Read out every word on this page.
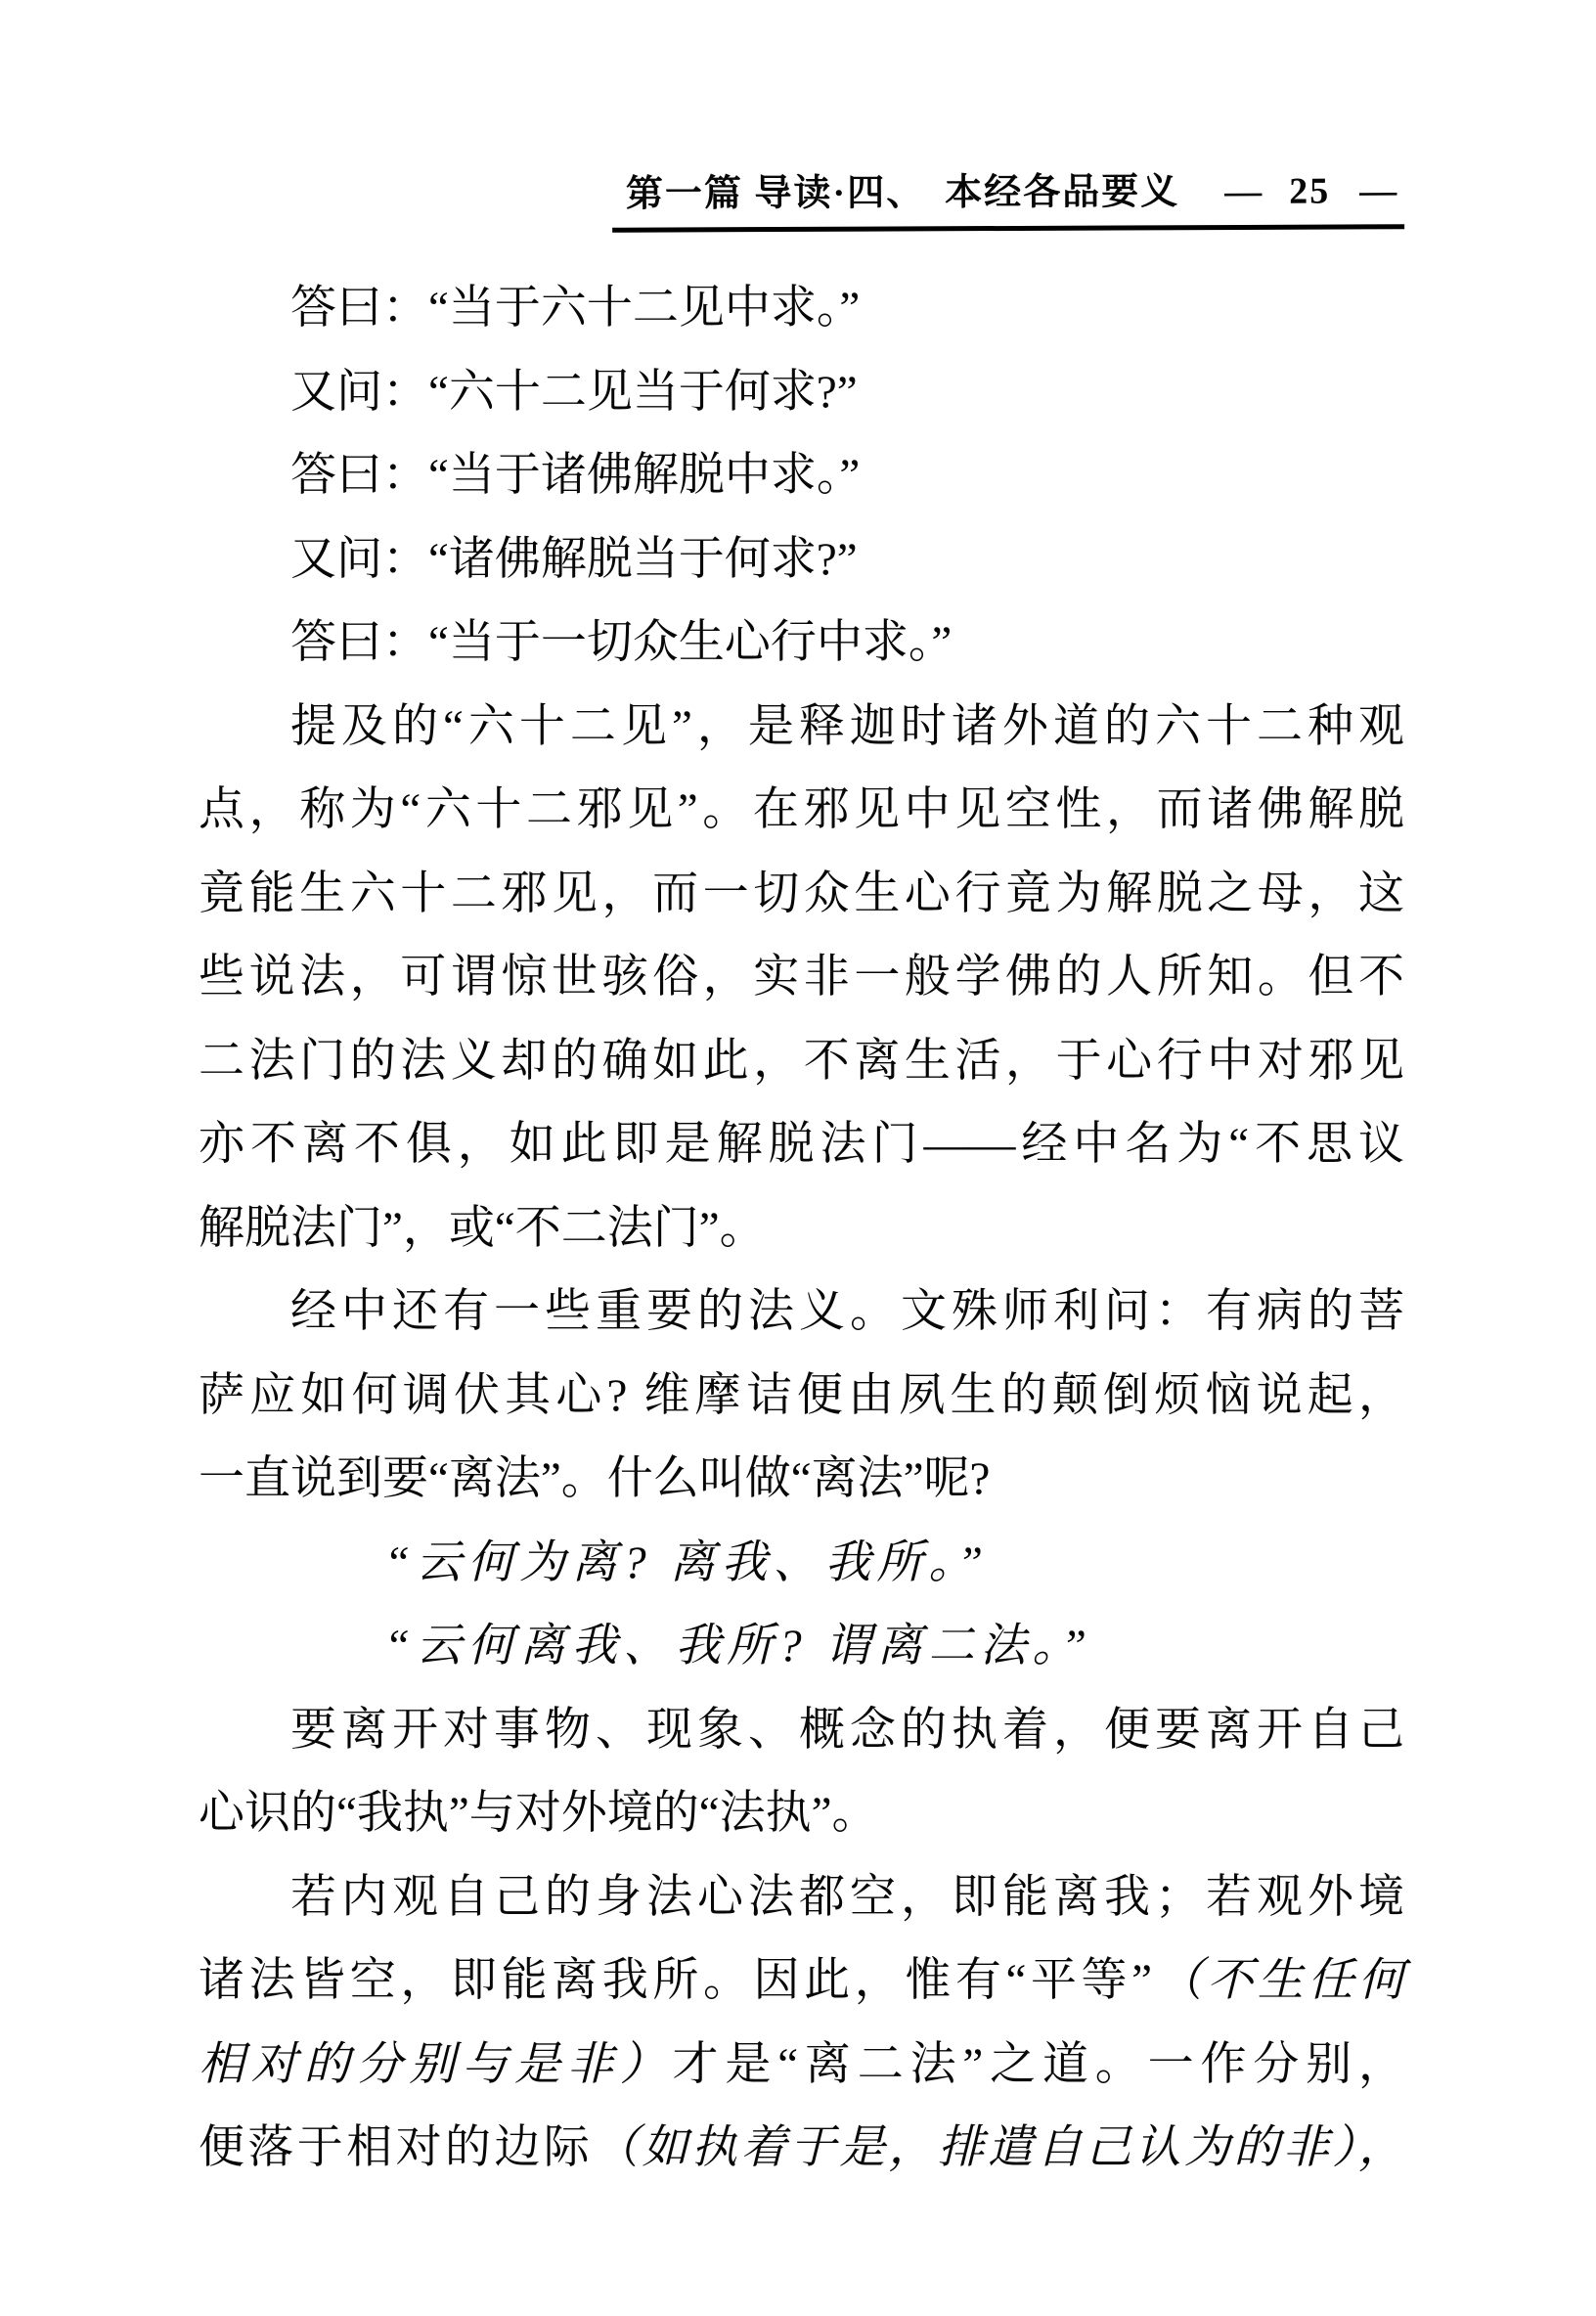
第一篇 导读·四、 本经各品要义 — 25 —
答曰：“当于六十二见中求。”
又问：“六十二见当于何求?”
答曰：“当于诸佛解脱中求。”
又问：“诸佛解脱当于何求?”
答曰：“当于一切众生心行中求。”
提及的“六十二见”，是释迦时诸外道的六十二种观
点，称为“六十二邪见”。在邪见中见空性，而诸佛解脱
竟能生六十二邪见，而一切众生心行竟为解脱之母，这
些说法，可谓惊世骇俗，实非一般学佛的人所知。但不
二法门的法义却的确如此，不离生活，于心行中对邪见
亦不离不俱，如此即是解脱法门——经中名为“不思议
解脱法门”，或“不二法门”。
经中还有一些重要的法义。文殊师利问：有病的菩
萨应如何调伏其心? 维摩诘便由夙生的颠倒烦恼说起，
一直说到要“离法”。什么叫做“离法”呢?
“云何为离? 离我、我所。”
“云何离我、我所? 谓离二法。”
要离开对事物、现象、概念的执着，便要离开自己
心识的“我执”与对外境的“法执”。
若内观自己的身法心法都空，即能离我；若观外境
诸法皆空，即能离我所。因此，惟有“平等”（不生任何
相对的分别与是非）才是“离二法”之道。一作分别，
便落于相对的边际（如执着于是，排遣自己认为的非），
